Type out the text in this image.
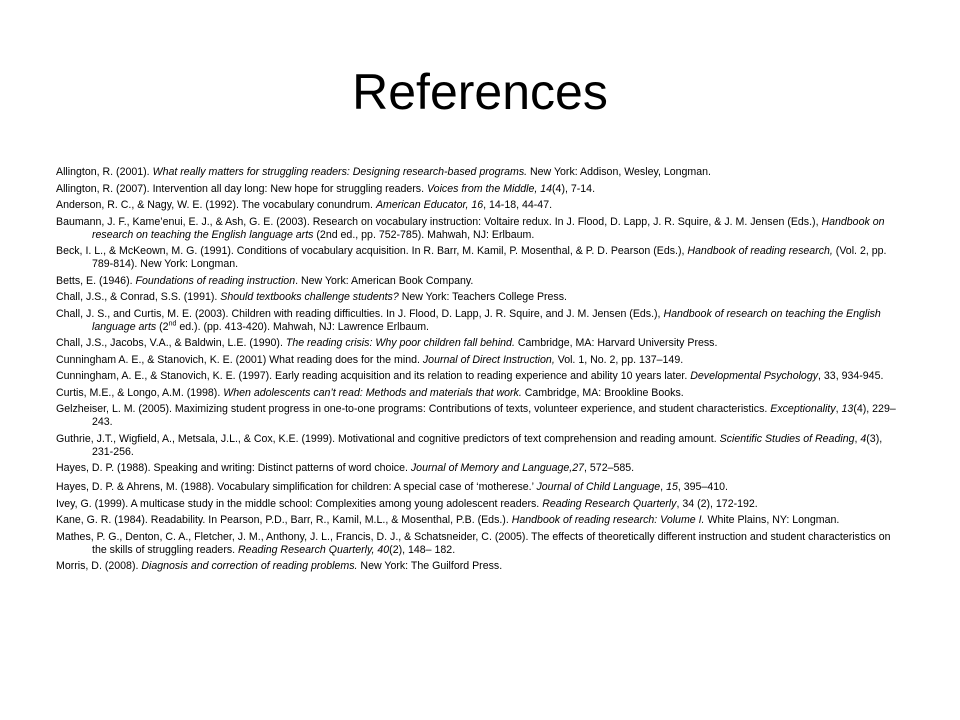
References
Allington, R. (2001). What really matters for struggling readers: Designing research-based programs. New York: Addison, Wesley, Longman.
Allington, R. (2007). Intervention all day long: New hope for struggling readers. Voices from the Middle, 14(4), 7-14.
Anderson, R. C., & Nagy, W. E. (1992). The vocabulary conundrum. American Educator, 16, 14-18, 44-47.
Baumann, J. F., Kame’enui, E. J., & Ash, G. E. (2003). Research on vocabulary instruction: Voltaire redux. In J. Flood, D. Lapp, J. R. Squire, & J. M. Jensen (Eds.), Handbook on research on teaching the English language arts (2nd ed., pp. 752-785). Mahwah, NJ: Erlbaum.
Beck, I. L., & McKeown, M. G. (1991). Conditions of vocabulary acquisition. In R. Barr, M. Kamil, P. Mosenthal, & P. D. Pearson (Eds.), Handbook of reading research, (Vol. 2, pp. 789-814). New York: Longman.
Betts, E. (1946). Foundations of reading instruction. New York: American Book Company.
Chall, J.S., & Conrad, S.S. (1991). Should textbooks challenge students? New York: Teachers College Press.
Chall, J. S., and Curtis, M. E. (2003). Children with reading difficulties. In J. Flood, D. Lapp, J. R. Squire, and J. M. Jensen (Eds.), Handbook of research on teaching the English language arts (2nd ed.). (pp. 413-420). Mahwah, NJ: Lawrence Erlbaum.
Chall, J.S., Jacobs, V.A., & Baldwin, L.E. (1990). The reading crisis: Why poor children fall behind. Cambridge, MA: Harvard University Press.
Cunningham A. E., & Stanovich, K. E. (2001) What reading does for the mind. Journal of Direct Instruction, Vol. 1, No. 2, pp. 137–149.
Cunningham, A. E., & Stanovich, K. E. (1997). Early reading acquisition and its relation to reading experience and ability 10 years later. Developmental Psychology, 33, 934-945.
Curtis, M.E., & Longo, A.M. (1998). When adolescents can’t read: Methods and materials that work. Cambridge, MA: Brookline Books.
Gelzheiser, L. M. (2005). Maximizing student progress in one-to-one programs: Contributions of texts, volunteer experience, and student characteristics. Exceptionality, 13(4), 229–243.
Guthrie, J.T., Wigfield, A., Metsala, J.L., & Cox, K.E. (1999). Motivational and cognitive predictors of text comprehension and reading amount. Scientific Studies of Reading, 4(3), 231-256.
Hayes, D. P. (1988). Speaking and writing: Distinct patterns of word choice. Journal of Memory and Language,27, 572–585.
Hayes, D. P. & Ahrens, M. (1988). Vocabulary simplification for children: A special case of ‘motherese.’ Journal of Child Language, 15, 395–410.
Ivey, G. (1999). A multicase study in the middle school: Complexities among young adolescent readers. Reading Research Quarterly, 34 (2), 172-192.
Kane, G. R. (1984). Readability. In Pearson, P.D., Barr, R., Kamil, M.L., & Mosenthal, P.B. (Eds.). Handbook of reading research: Volume I. White Plains, NY: Longman.
Mathes, P. G., Denton, C. A., Fletcher, J. M., Anthony, J. L., Francis, D. J., & Schatsneider, C. (2005). The effects of theoretically different instruction and student characteristics on the skills of struggling readers. Reading Research Quarterly, 40(2), 148– 182.
Morris, D. (2008). Diagnosis and correction of reading problems. New York: The Guilford Press.
